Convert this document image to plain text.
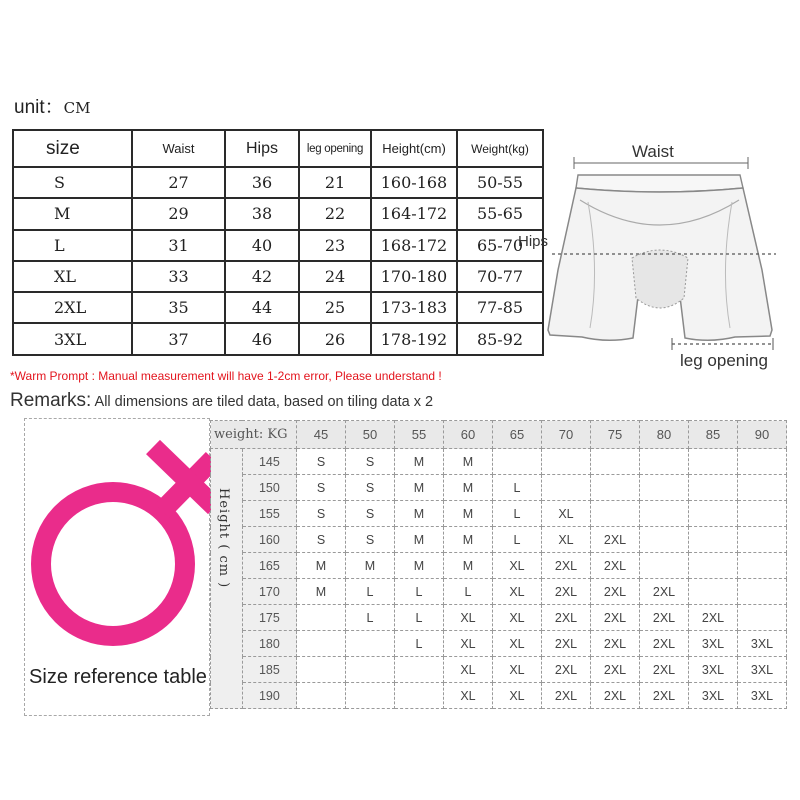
unit：CM
size	Waist	Hips	leg opening	Height(cm)	Weight(kg)
S	27	36	21	160-168	50-55
M	29	38	22	164-172	55-65
L	31	40	23	168-172	65-70
XL	33	42	24	170-180	70-77
2XL	35	44	25	173-183	77-85
3XL	37	46	26	178-192	85-92
*Warm Prompt : Manual measurement will have 1-2cm error, Please understand !
Remarks: All dimensions are tiled data, based on tiling data x 2
Waist
Hips
leg opening
Size reference table
weight: KG		45	50	55	60	65	70	75	80	85	90
	145	S	S	M	M						
	150	S	S	M	M	L					
	155	S	S	M	M	L	XL				
	160	S	S	M	M	L	XL	2XL			
	165	M	M	M	M	XL	2XL	2XL			
	170	M	L	L	L	XL	2XL	2XL	2XL		
	175		L	L	XL	XL	2XL	2XL	2XL	2XL	
	180			L	XL	XL	2XL	2XL	2XL	3XL	3XL
	185				XL	XL	2XL	2XL	2XL	3XL	3XL
	190				XL	XL	2XL	2XL	2XL	3XL	3XL
Height ( cm )
